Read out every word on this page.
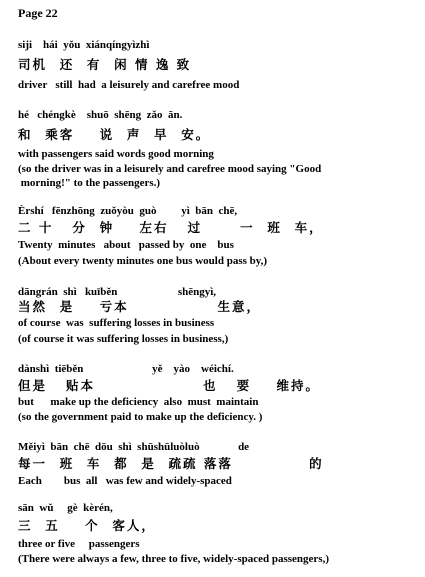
Page 22
siji    hái  yǒu  xiánqíngyìzhì
司机  还  有  闲 情 逸 致
driver   still  had  a leisurely and carefree mood
hé   chéngkè    shuō  shēng  zǎo  ān.
和  乘客    说  声  早  安。
with passengers said words good morning
(so the driver was in a leisurely and carefree mood saying "Good
morning!" to the passengers.)
Èrshí   fēnzhōng  zuǒyòu  guò         yì  bān  chē,
二 十   分  钟    左右   过      一  班  车，
Twenty  minutes   about   passed by  one    bus
(About every twenty minutes one bus would pass by,)
dāngrán  shì   kuīběn                      shēngyì,
当然  是    亏本              生意，
of course  was  suffering losses in business
(of course it was suffering losses in business,)
dànshì  tiēběn                         yě    yào    wéichí.
但是   贴本                 也   要    维持。
but      make up the deficiency  also  must  maintain
(so the government paid to make up the deficiency. )
Měiyì  bān  chē  dōu  shì  shūshūluòluò              de
每一  班  车  都  是  疏疏 落落            的
Each        bus  all   was few and widely-spaced
sān  wǔ     gè  kèrén,
三  五    个  客人，
three or five     passengers
(There were always a few, three to five, widely-spaced passengers,)
